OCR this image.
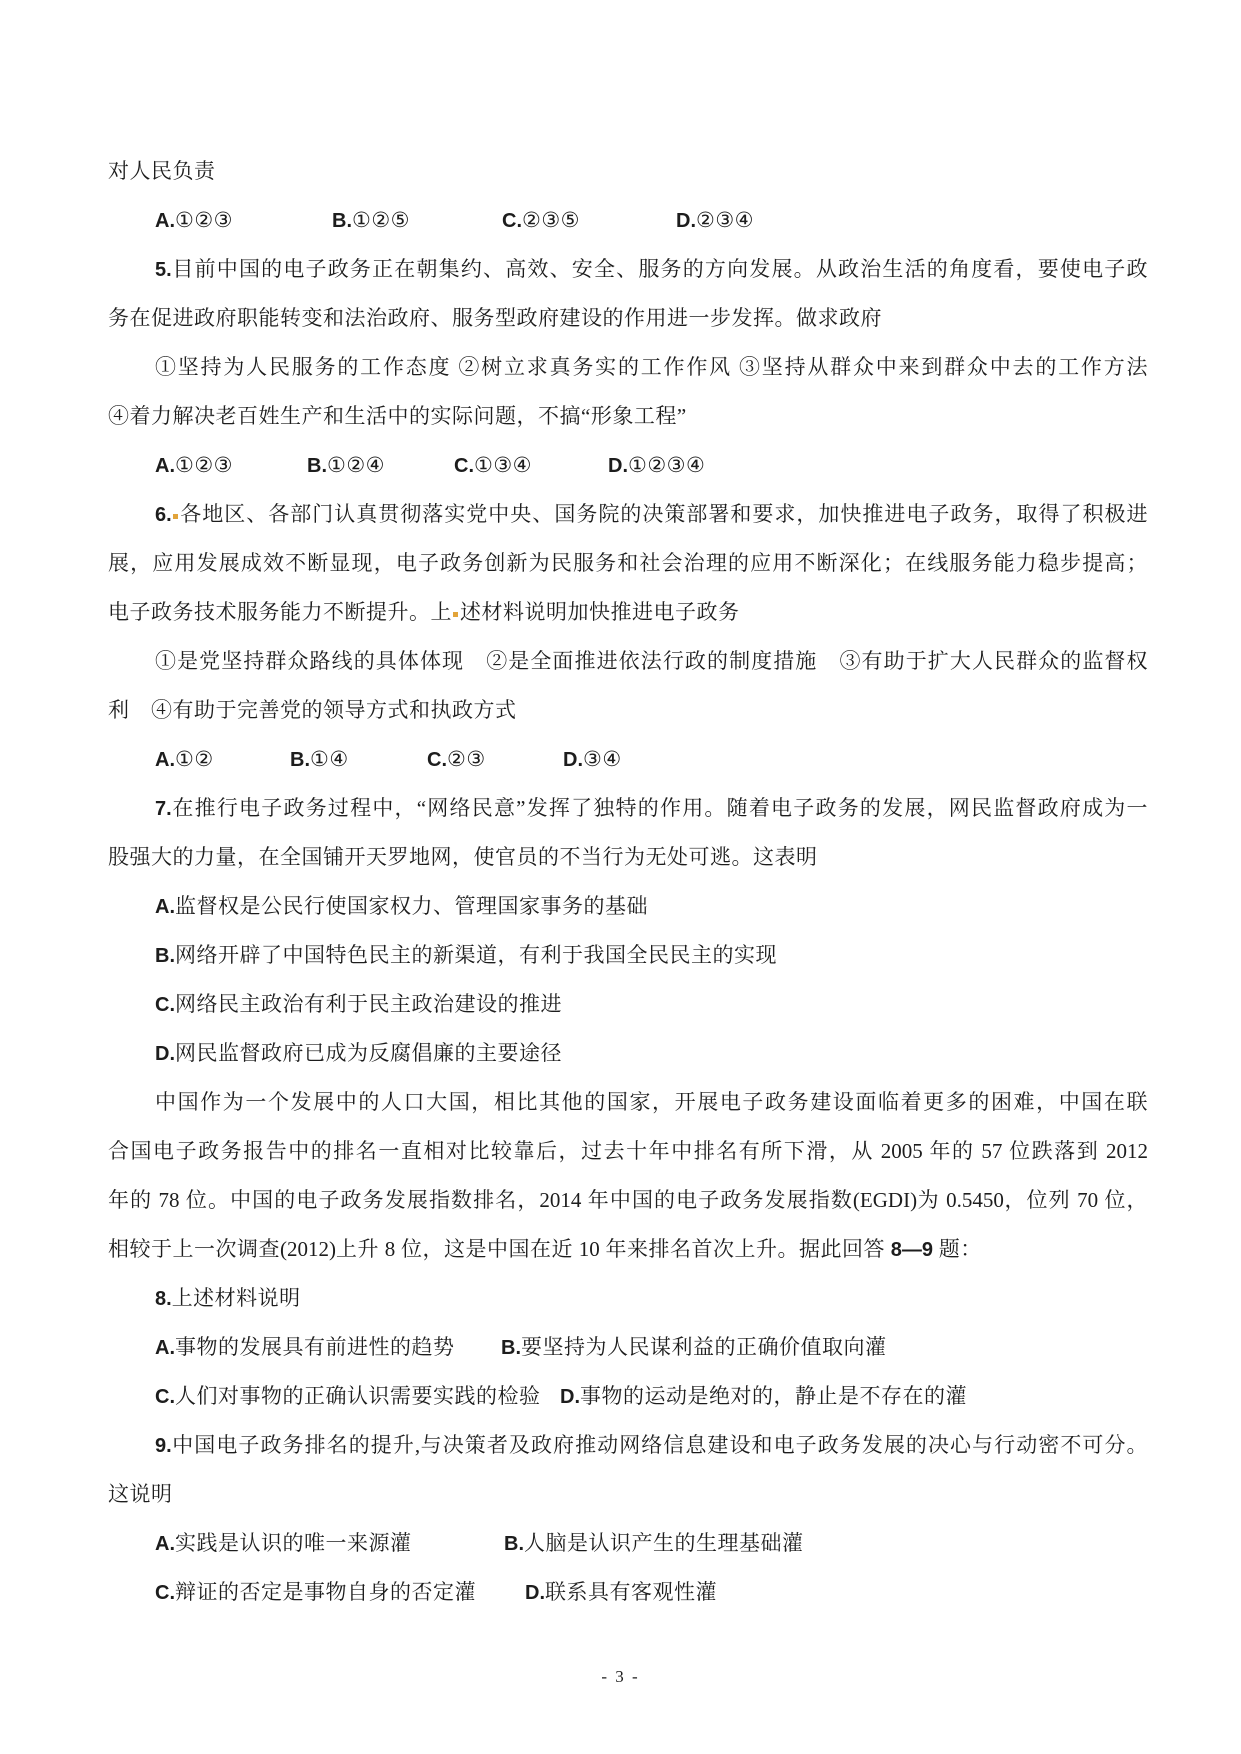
对人民负责
A.①②③	B.①②⑤	C.②③⑤	D.②③④
5.目前中国的电子政务正在朝集约、高效、安全、服务的方向发展。从政治生活的角度看，要使电子政
务在促进政府职能转变和法治政府、服务型政府建设的作用进一步发挥。做求政府
①坚持为人民服务的工作态度 ②树立求真务实的工作作风 ③坚持从群众中来到群众中去的工作方法
④着力解决老百姓生产和生活中的实际问题，不搞“形象工程”
A.①②③	B.①②④	C.①③④	D.①②③④
6. 各地区、各部门认真贯彻落实党中央、国务院的决策部署和要求，加快推进电子政务，取得了积极进
展，应用发展成效不断显现，电子政务创新为民服务和社会治理的应用不断深化；在线服务能力稳步提高；
电子政务技术服务能力不断提升。上 述材料说明加快推进电子政务
①是党坚持群众路线的具体体现　②是全面推进依法行政的制度措施　③有助于扩大人民群众的监督权
利　④有助于完善党的领导方式和执政方式
A.①②	B.①④	C.②③	D.③④
7.在推行电子政务过程中，“网络民意”发挥了独特的作用。随着电子政务的发展，网民监督政府成为一
股强大的力量，在全国铺开天罗地网，使官员的不当行为无处可逃。这表明
A.监督权是公民行使国家权力、管理国家事务的基础
B.网络开辟了中国特色民主的新渠道，有利于我国全民民主的实现
C.网络民主政治有利于民主政治建设的推进
D.网民监督政府已成为反腐倡廉的主要途径
中国作为一个发展中的人口大国，相比其他的国家，开展电子政务建设面临着更多的困难，中国在联
合国电子政务报告中的排名一直相对比较靠后，过去十年中排名有所下滑，从 2005 年的 57 位跌落到 2012
年的 78 位。中国的电子政务发展指数排名，2014 年中国的电子政务发展指数(EGDI)为 0.5450，位列 70 位，
相较于上一次调查(2012)上升 8 位，这是中国在近 10 年来排名首次上升。据此回答 8—9 题：
8.上述材料说明
A.事物的发展具有前进性的趋势 B.要坚持为人民谋利益的正确价值取向灌
C.人们对事物的正确认识需要实践的检验 D.事物的运动是绝对的，静止是不存在的灌
9.中国电子政务排名的提升,与决策者及政府推动网络信息建设和电子政务发展的决心与行动密不可分。
这说明
A.实践是认识的唯一来源灌	B.人脑是认识产生的生理基础灌
C.辩证的否定是事物自身的否定灌 D.联系具有客观性灌
- 3 -
